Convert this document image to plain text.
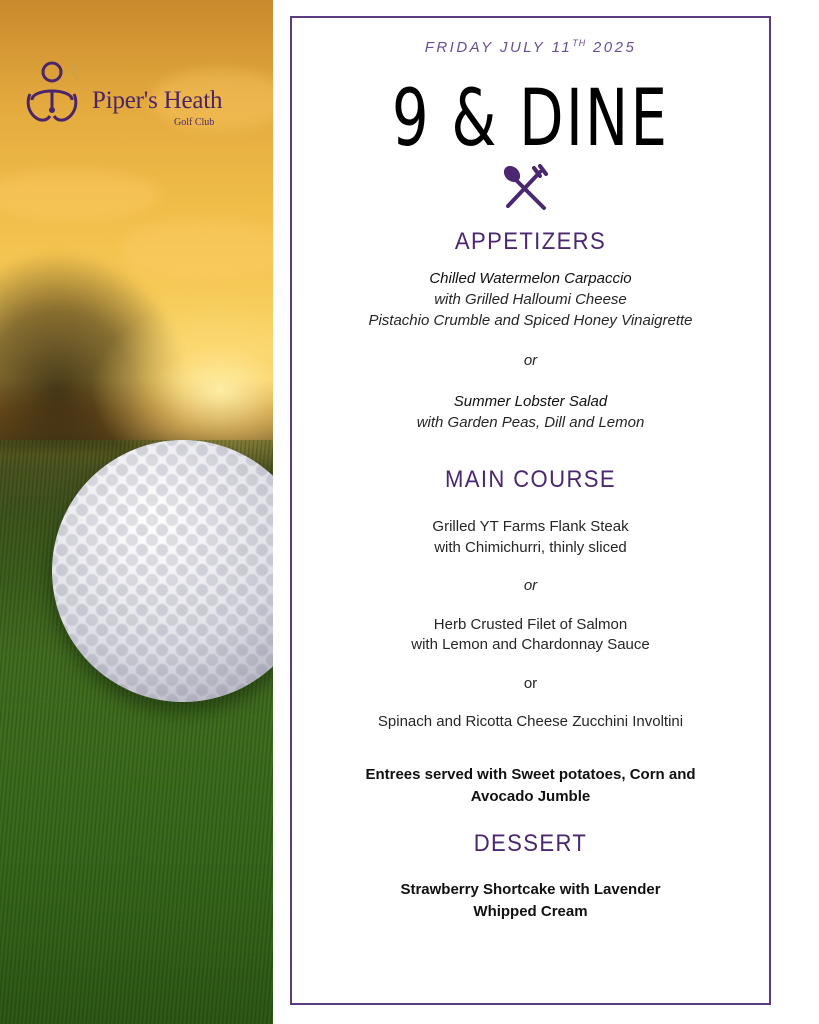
Piper's Heath
Golf Club
FRIDAY JULY 11TH 2025
9 & DINE
APPETIZERS
Chilled Watermelon Carpaccio
with Grilled Halloumi Cheese
Pistachio Crumble and Spiced Honey Vinaigrette
or
Summer Lobster Salad
with Garden Peas, Dill and Lemon
MAIN COURSE
Grilled YT Farms Flank Steak
with Chimichurri, thinly sliced
or
Herb Crusted Filet of Salmon
with Lemon and Chardonnay Sauce
or
Spinach and Ricotta Cheese Zucchini Involtini
Entrees served with Sweet potatoes, Corn and
Avocado Jumble
DESSERT
Strawberry Shortcake with Lavender
Whipped Cream
